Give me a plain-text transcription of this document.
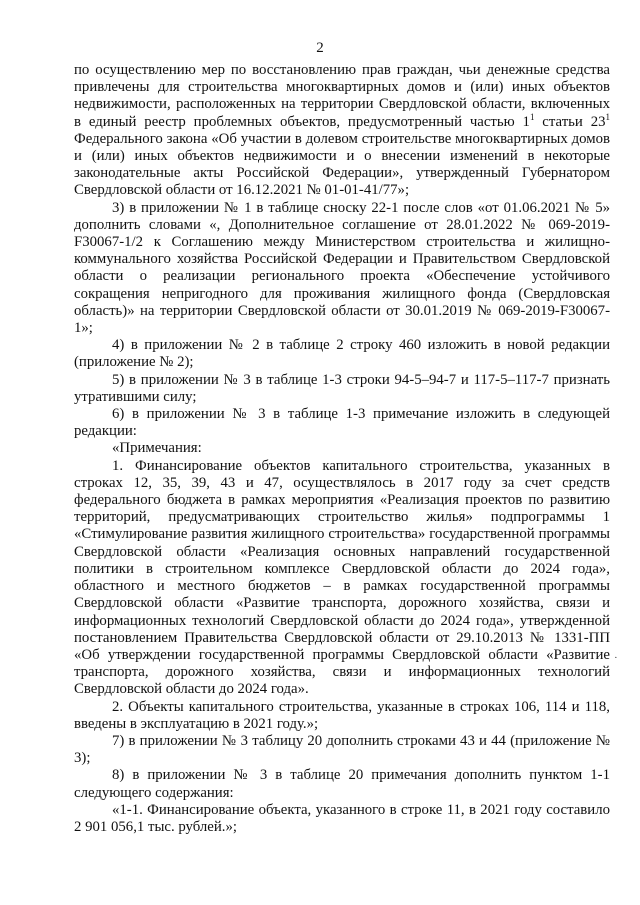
2

по осуществлению мер по восстановлению прав граждан, чьи денежные средства привлечены для строительства многоквартирных домов и (или) иных объектов недвижимости, расположенных на территории Свердловской области, включенных в единый реестр проблемных объектов, предусмотренный частью $1^1$ статьи $23^1$ Федерального закона «Об участии в долевом строительстве многоквартирных домов и (или) иных объектов недвижимости и о внесении изменений в некоторые законодательные акты Российской Федерации», утвержденный Губернатором Свердловской области от 16.12.2021 № 01-01-41/77»;

3) в приложении № 1 в таблице сноску 22-1 после слов «от 01.06.2021 № 5» дополнить словами «, Дополнительное соглашение от 28.01.2022 № 069-2019-F30067-1/2 к Соглашению между Министерством строительства и жилищно-коммунального хозяйства Российской Федерации и Правительством Свердловской области о реализации регионального проекта «Обеспечение устойчивого сокращения непригодного для проживания жилищного фонда (Свердловская область)» на территории Свердловской области от 30.01.2019 № 069-2019-F30067-1»;

4) в приложении № 2 в таблице 2 строку 460 изложить в новой редакции (приложение № 2);

5) в приложении № 3 в таблице 1-3 строки 94-5–94-7 и 117-5–117-7 признать утратившими силу;

6) в приложении № 3 в таблице 1-3 примечание изложить в следующей редакции:

«Примечания:

1. Финансирование объектов капитального строительства, указанных в строках 12, 35, 39, 43 и 47, осуществлялось в 2017 году за счет средств федерального бюджета в рамках мероприятия «Реализация проектов по развитию территорий, предусматривающих строительство жилья» подпрограммы 1 «Стимулирование развития жилищного строительства» государственной программы Свердловской области «Реализация основных направлений государственной политики в строительном комплексе Свердловской области до 2024 года», областного и местного бюджетов – в рамках государственной программы Свердловской области «Развитие транспорта, дорожного хозяйства, связи и информационных технологий Свердловской области до 2024 года», утвержденной постановлением Правительства Свердловской области от 29.10.2013 № 1331-ПП «Об утверждении государственной программы Свердловской области «Развитие транспорта, дорожного хозяйства, связи и информационных технологий Свердловской области до 2024 года».

2. Объекты капитального строительства, указанные в строках 106, 114 и 118, введены в эксплуатацию в 2021 году.»;

7) в приложении № 3 таблицу 20 дополнить строками 43 и 44 (приложение № 3);

8) в приложении № 3 в таблице 20 примечания дополнить пунктом 1-1 следующего содержания:

«1-1. Финансирование объекта, указанного в строке 11, в 2021 году составило 2 901 056,1 тыс. рублей.»;

·
